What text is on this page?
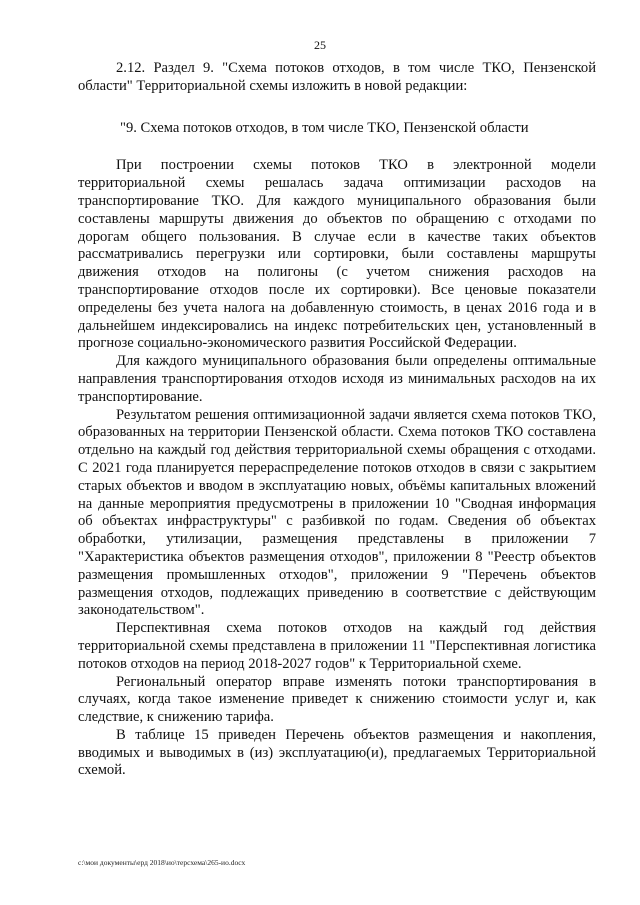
25

2.12. Раздел 9. "Схема потоков отходов, в том числе ТКО, Пензенской области" Территориальной схемы изложить в новой редакции:

"9. Схема потоков отходов, в том числе ТКО, Пензенской области

При построении схемы потоков ТКО в электронной модели территориальной схемы решалась задача оптимизации расходов на транспортирование ТКО. Для каждого муниципального образования были составлены маршруты движения до объектов по обращению с отходами по дорогам общего пользования. В случае если в качестве таких объектов рассматривались перегрузки или сортировки, были составлены маршруты движения отходов на полигоны (с учетом снижения расходов на транспортирование отходов после их сортировки). Все ценовые показатели определены без учета налога на добавленную стоимость, в ценах 2016 года и в дальнейшем индексировались на индекс потребительских цен, установленный в прогнозе социально-экономического развития Российской Федерации.

Для каждого муниципального образования были определены оптимальные направления транспортирования отходов исходя из минимальных расходов на их транспортирование.

Результатом решения оптимизационной задачи является схема потоков ТКО, образованных на территории Пензенской области. Схема потоков ТКО составлена отдельно на каждый год действия территориальной схемы обращения с отходами. С 2021 года планируется перераспределение потоков отходов в связи с закрытием старых объектов и вводом в эксплуатацию новых, объёмы капитальных вложений на данные мероприятия предусмотрены в приложении 10 "Сводная информация об объектах инфраструктуры" с разбивкой по годам. Сведения об объектах обработки, утилизации, размещения представлены в приложении 7 "Характеристика объектов размещения отходов", приложении 8 "Реестр объектов размещения промышленных отходов", приложении 9 "Перечень объектов размещения отходов, подлежащих приведению в соответствие с действующим законодательством".

Перспективная схема потоков отходов на каждый год действия территориальной схемы представлена в приложении 11 "Перспективная логистика потоков отходов на период 2018-2027 годов" к Территориальной схеме.

Региональный оператор вправе изменять потоки транспортирования в случаях, когда такое изменение приведет к снижению стоимости услуг и, как следствие, к снижению тарифа.

В таблице 15 приведен Перечень объектов размещения и накопления, вводимых и выводимых в (из) эксплуатацию(и), предлагаемых Территориальной схемой.

c:\мои документы\ерд 2018\ио\терсхема\265-ио.docx
